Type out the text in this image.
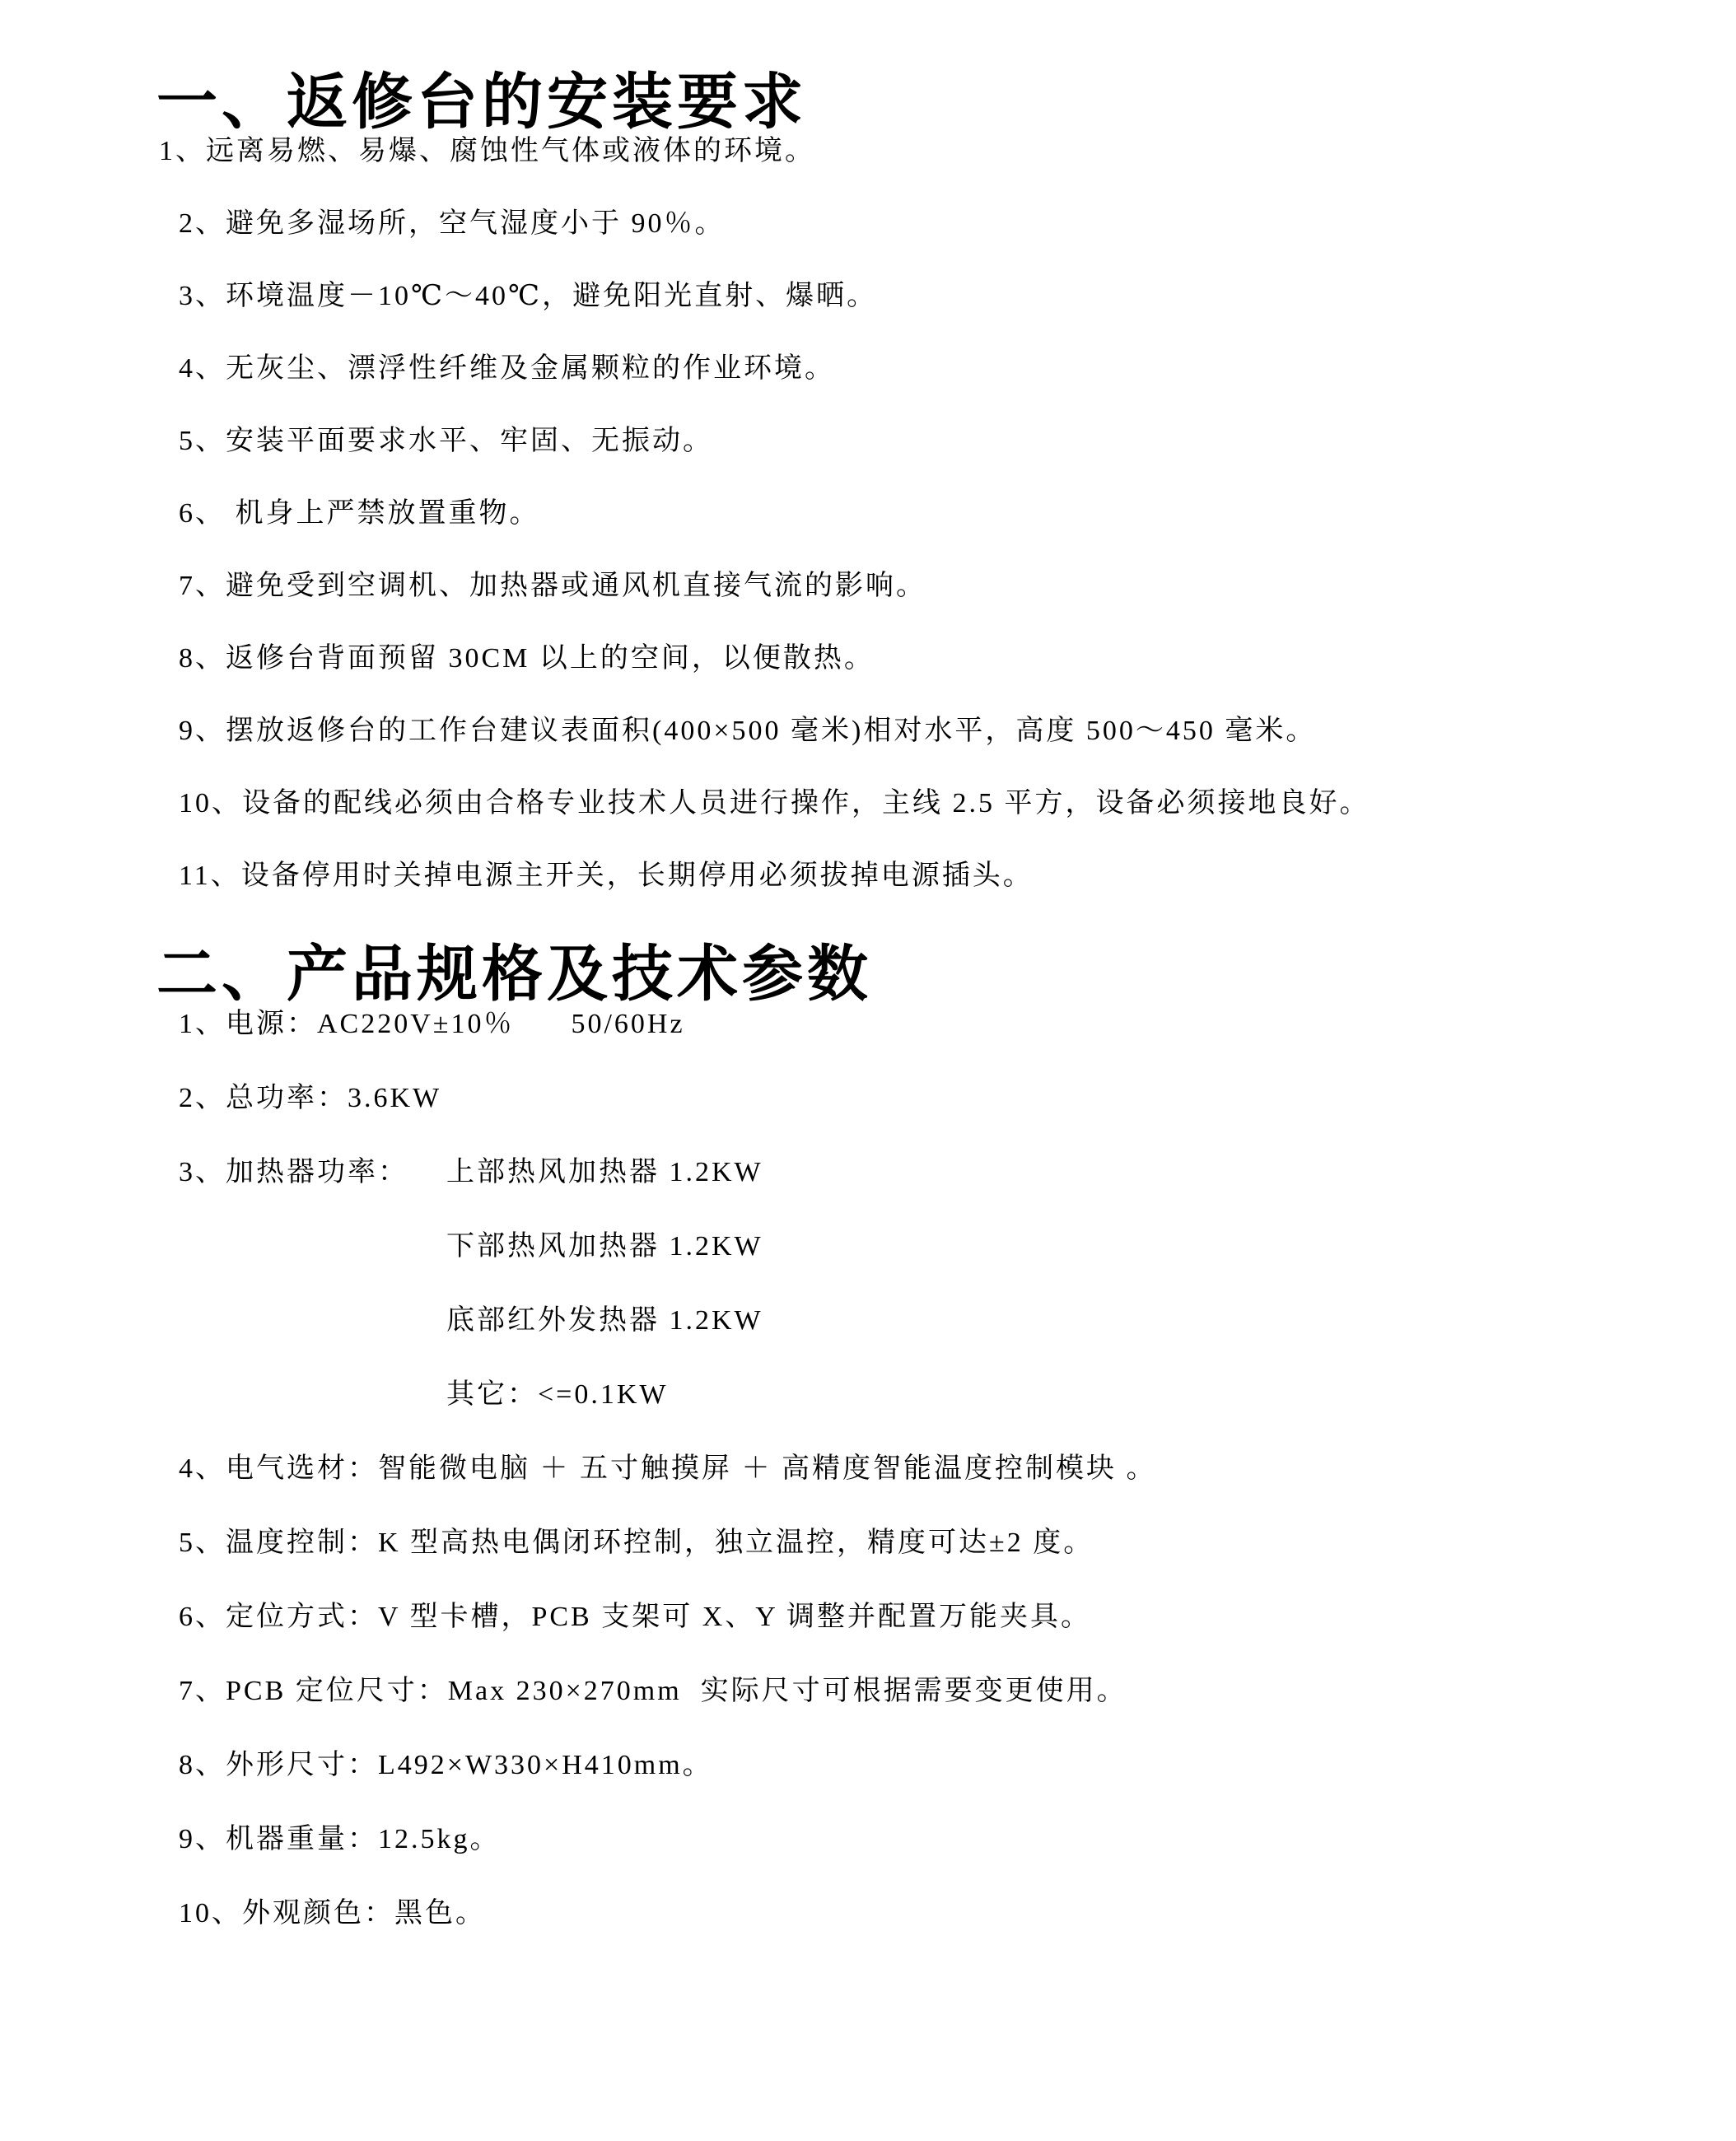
一、返修台的安装要求
1、远离易燃、易爆、腐蚀性气体或液体的环境。
2、避免多湿场所，空气湿度小于 90％。
3、环境温度－10℃～40℃，避免阳光直射、爆晒。
4、无灰尘、漂浮性纤维及金属颗粒的作业环境。
5、安装平面要求水平、牢固、无振动。
6、 机身上严禁放置重物。
7、避免受到空调机、加热器或通风机直接气流的影响。
8、返修台背面预留 30CM 以上的空间，以便散热。
9、摆放返修台的工作台建议表面积(400×500 毫米)相对水平，高度 500～450 毫米。
10、设备的配线必须由合格专业技术人员进行操作，主线 2.5 平方，设备必须接地良好。
11、设备停用时关掉电源主开关，长期停用必须拔掉电源插头。
二、产品规格及技术参数
1、电源：AC220V±10％      50/60Hz
2、总功率：3.6KW
3、加热器功率：    上部热风加热器 1.2KW
下部热风加热器 1.2KW
底部红外发热器 1.2KW
其它：<=0.1KW
4、电气选材：智能微电脑 ＋ 五寸触摸屏 ＋ 高精度智能温度控制模块 。
5、温度控制：K 型高热电偶闭环控制，独立温控，精度可达±2 度。
6、定位方式：V 型卡槽，PCB 支架可 X、Y 调整并配置万能夹具。
7、PCB 定位尺寸：Max 230×270mm  实际尺寸可根据需要变更使用。
8、外形尺寸：L492×W330×H410mm。
9、机器重量：12.5kg。
10、外观颜色：黑色。
